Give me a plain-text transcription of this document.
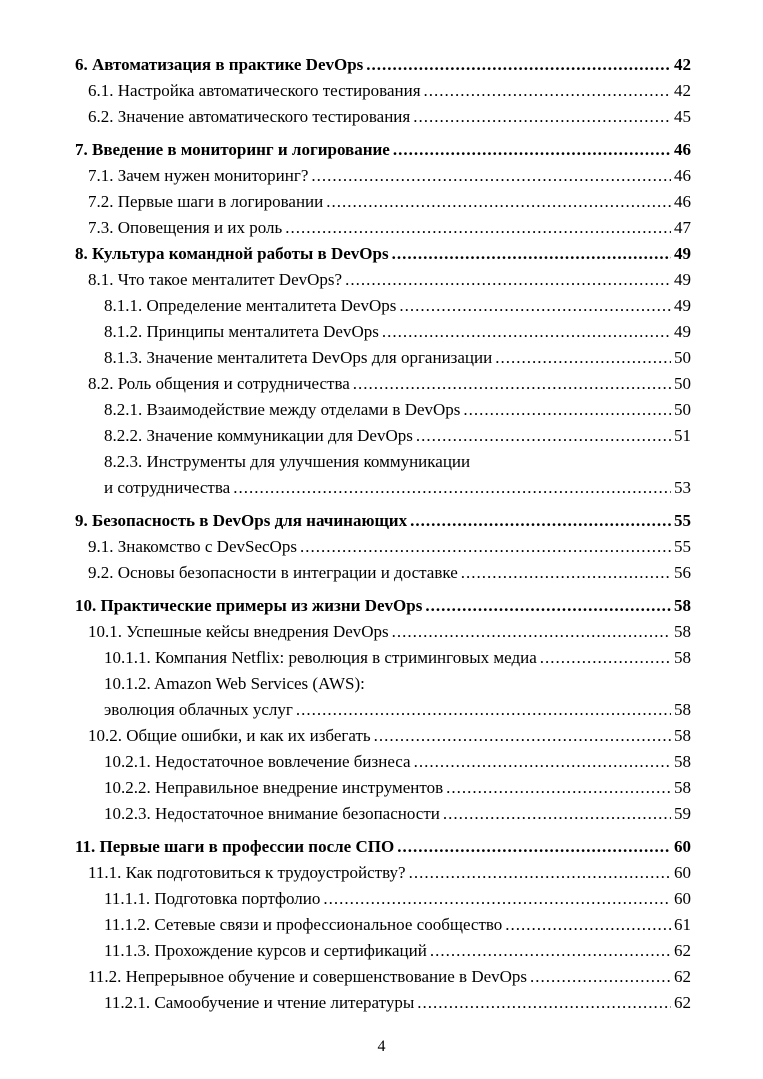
6. Автоматизация в практике DevOps .....	42
6.1. Настройка автоматического тестирования .....	42
6.2. Значение автоматического тестирования .....	45
7. Введение в мониторинг и логирование .....	46
7.1. Зачем нужен мониторинг? .....	46
7.2. Первые шаги в логировании .....	46
7.3. Оповещения и их роль .....	47
8. Культура командной работы в DevOps .....	49
8.1. Что такое менталитет DevOps? .....	49
8.1.1. Определение менталитета DevOps .....	49
8.1.2. Принципы менталитета DevOps .....	49
8.1.3. Значение менталитета DevOps для организации .....	50
8.2. Роль общения и сотрудничества .....	50
8.2.1. Взаимодействие между отделами в DevOps .....	50
8.2.2. Значение коммуникации для DevOps .....	51
8.2.3. Инструменты для улучшения коммуникации
и сотрудничества .....	53
9. Безопасность в DevOps для начинающих .....	55
9.1. Знакомство с DevSecOps .....	55
9.2. Основы безопасности в интеграции и доставке .....	56
10. Практические примеры из жизни DevOps .....	58
10.1. Успешные кейсы внедрения DevOps .....	58
10.1.1. Компания Netflix: революция в стриминговых медиа .....	58
10.1.2. Amazon Web Services (AWS):
эволюция облачных услуг .....	58
10.2. Общие ошибки, и как их избегать .....	58
10.2.1. Недостаточное вовлечение бизнеса .....	58
10.2.2. Неправильное внедрение инструментов .....	58
10.2.3. Недостаточное внимание безопасности .....	59
11. Первые шаги в профессии после СПО .....	60
11.1. Как подготовиться к трудоустройству? .....	60
11.1.1. Подготовка портфолио .....	60
11.1.2. Сетевые связи и профессиональное сообщество .....	61
11.1.3. Прохождение курсов и сертификаций .....	62
11.2. Непрерывное обучение и совершенствование в DevOps .....	62
11.2.1. Самообучение и чтение литературы .....	62
4
